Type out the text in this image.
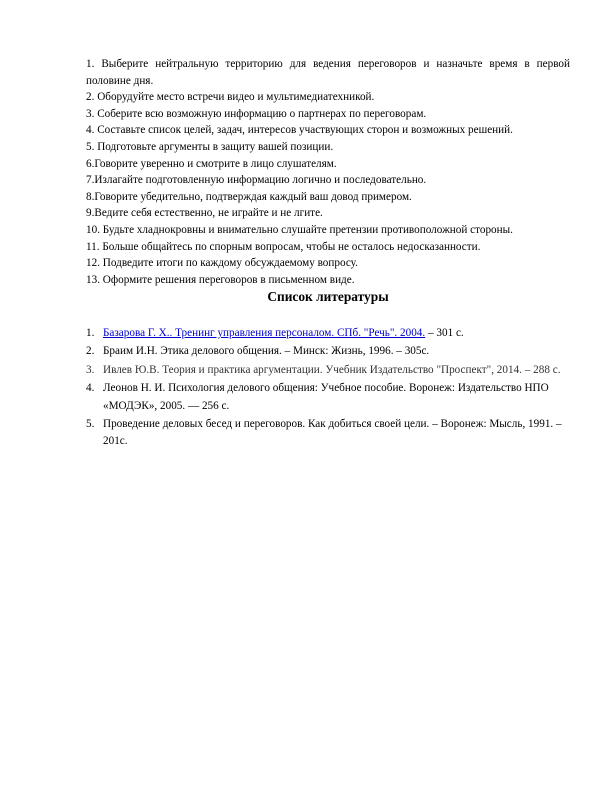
1. Выберите нейтральную территорию для ведения переговоров и назначьте время в первой половине дня.

2. Оборудуйте место встречи видео и мультимедиатехникой.

3. Соберите всю возможную информацию о партнерах по переговорам.

4. Составьте список целей, задач, интересов участвующих сторон и возможных решений.

5. Подготовьте аргументы в защиту вашей позиции.

6.Говорите уверенно и смотрите в лицо слушателям.

7.Излагайте подготовленную информацию логично и последовательно.

8.Говорите убедительно, подтверждая каждый ваш довод примером.

9.Ведите себя естественно, не играйте и не лгите.

10. Будьте хладнокровны и внимательно слушайте претензии противоположной стороны.

11. Больше общайтесь по спорным вопросам, чтобы не осталось недосказанности.

12. Подведите итоги по каждому обсуждаемому вопросу.

13. Оформите решения переговоров в письменном виде.

Список литературы
1. Базарова Г. Х.. Тренинг управления персоналом. СПб. "Речь". 2004. – 301 с.
2. Браим И.Н. Этика делового общения. – Минск: Жизнь, 1996. – 305с.
3. Ивлев Ю.В. Теория и практика аргументации. Учебник Издательство "Проспект", 2014. – 288 с.
4. Леонов Н. И. Психология делового общения: Учебное пособие. Воронеж: Издательство НПО «МОДЭК», 2005. — 256 с.
5. Проведение деловых бесед и переговоров. Как добиться своей цели. – Воронеж: Мысль, 1991. – 201с.
